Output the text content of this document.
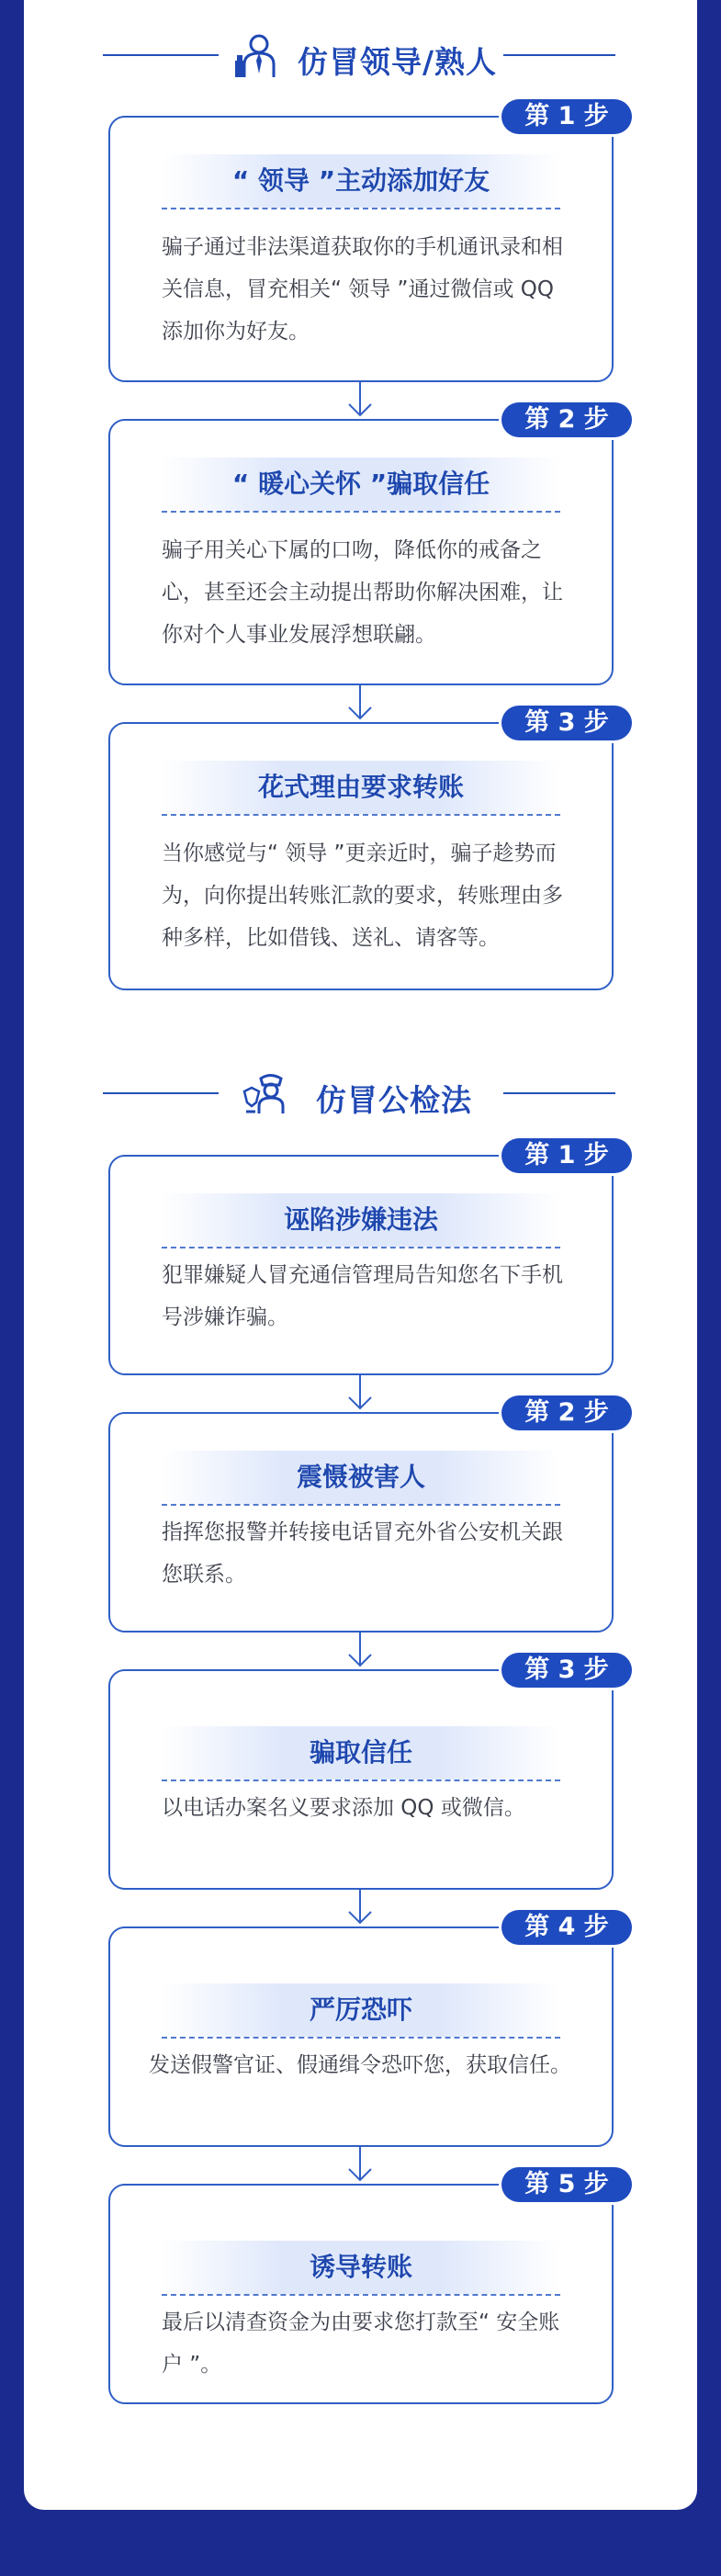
仿冒领导/熟人
第 1 步
“ 领导 ”主动添加好友
骗子通过非法渠道获取你的手机通讯录和相关信息，冒充相关“ 领导 ”通过微信或 QQ 添加你为好友。
第 2 步
“ 暖心关怀 ”骗取信任
骗子用关心下属的口吻，降低你的戒备之心，甚至还会主动提出帮助你解决困难，让你对个人事业发展浮想联翩。
第 3 步
花式理由要求转账
当你感觉与“ 领导 ”更亲近时，骗子趁势而为，向你提出转账汇款的要求，转账理由多种多样，比如借钱、送礼、请客等。
仿冒公检法
第 1 步
诬陷涉嫌违法
犯罪嫌疑人冒充通信管理局告知您名下手机号涉嫌诈骗。
第 2 步
震慑被害人
指挥您报警并转接电话冒充外省公安机关跟您联系。
第 3 步
骗取信任
以电话办案名义要求添加 QQ 或微信。
第 4 步
严厉恐吓
发送假警官证、假通缉令恐吓您，获取信任。
第 5 步
诱导转账
最后以清查资金为由要求您打款至“ 安全账户 ”。
